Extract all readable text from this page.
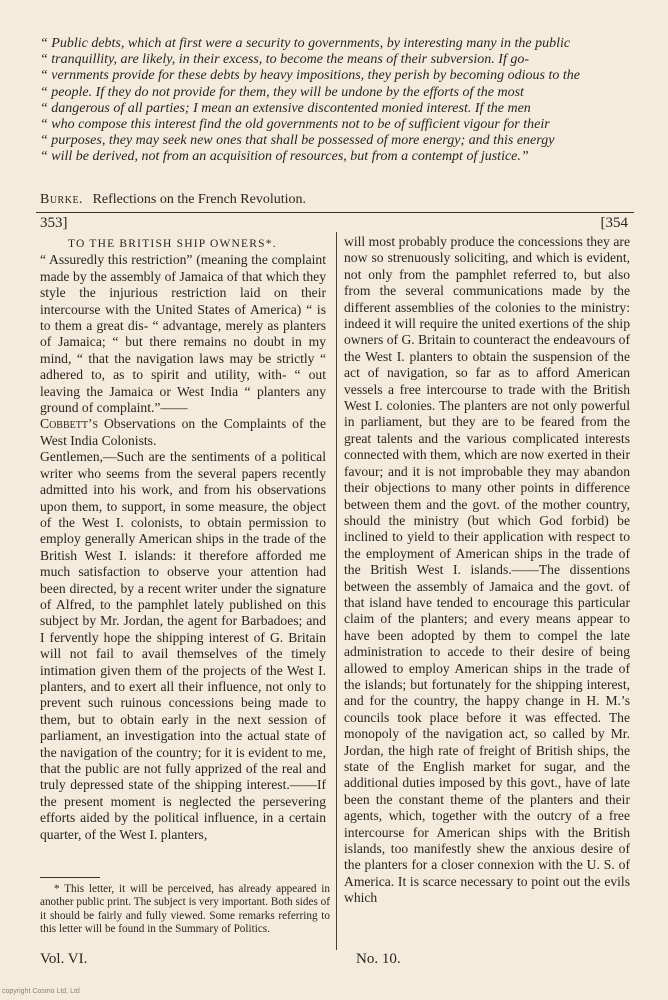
“ Public debts, which at first were a security to governments, by interesting many in the public

“ tranquillity, are likely, in their excess, to become the means of their subversion. If go-

“ vernments provide for these debts by heavy impositions, they perish by becoming odious to the

“ people. If they do not provide for them, they will be undone by the efforts of the most

“ dangerous of all parties; I mean an extensive discontented monied interest. If the men

“ who compose this interest find the old governments not to be of sufficient vigour for their

“ purposes, they may seek new ones that shall be possessed of more energy; and this energy

“ will be derived, not from an acquisition of resources, but from a contempt of justice.”

Burke. Reflections on the French Revolution.
353]	[354

TO THE BRITISH SHIP OWNERS*.

“ Assuredly this restriction” (meaning the complaint made by the assembly of Jamaica of that which they style the injurious restriction laid on their intercourse with the United States of America) “ is to them a great dis- “ advantage, merely as planters of Jamaica; “ but there remains no doubt in my mind, “ that the navigation laws may be strictly “ adhered to, as to spirit and utility, with- “ out leaving the Jamaica or West India “ planters any ground of complaint.”——

Cobbett’s Observations on the Complaints of the West India Colonists.

Gentlemen,—Such are the sentiments of a political writer who seems from the several papers recently admitted into his work, and from his observations upon them, to support, in some measure, the object of the West I. colonists, to obtain permission to employ generally American ships in the trade of the British West I. islands: it therefore afforded me much satisfaction to observe your attention had been directed, by a recent writer under the signature of Alfred, to the pamphlet lately published on this subject by Mr. Jordan, the agent for Barbadoes; and I fervently hope the shipping interest of G. Britain will not fail to avail themselves of the timely intimation given them of the projects of the West I. planters, and to exert all their influence, not only to prevent such ruinous concessions being made to them, but to obtain early in the next session of parliament, an investigation into the actual state of the navigation of the country; for it is evident to me, that the public are not fully apprized of the real and truly depressed state of the shipping interest.——If the present moment is neglected the persevering efforts aided by the political influence, in a certain quarter, of the West I. planters,

will most probably produce the concessions they are now so strenuously soliciting, and which is evident, not only from the pamphlet referred to, but also from the several communications made by the different assemblies of the colonies to the ministry: indeed it will require the united exertions of the ship owners of G. Britain to counteract the endeavours of the West I. planters to obtain the suspension of the act of navigation, so far as to afford American vessels a free intercourse to trade with the British West I. colonies. The planters are not only powerful in parliament, but they are to be feared from the great talents and the various complicated interests connected with them, which are now exerted in their favour; and it is not improbable they may abandon their objections to many other points in difference between them and the govt. of the mother country, should the ministry (but which God forbid) be inclined to yield to their application with respect to the employment of American ships in the trade of the British West I. islands.——The dissentions between the assembly of Jamaica and the govt. of that island have tended to encourage this particular claim of the planters; and every means appear to have been adopted by them to compel the late administration to accede to their desire of being allowed to employ American ships in the trade of the islands; but fortunately for the shipping interest, and for the country, the happy change in H. M.’s councils took place before it was effected. The monopoly of the navigation act, so called by Mr. Jordan, the high rate of freight of British ships, the state of the English market for sugar, and the additional duties imposed by this govt., have of late been the constant theme of the planters and their agents, which, together with the outcry of a free intercourse for American ships with the British islands, too manifestly shew the anxious desire of the planters for a closer connexion with the U. S. of America. It is scarce necessary to point out the evils which

* This letter, it will be perceived, has already appeared in another public print. The subject is very important. Both sides of it should be fairly and fully viewed. Some remarks referring to this letter will be found in the Summary of Politics.

Vol. VI.	No. 10.
copyright Cosmo Ltd. Ltd
